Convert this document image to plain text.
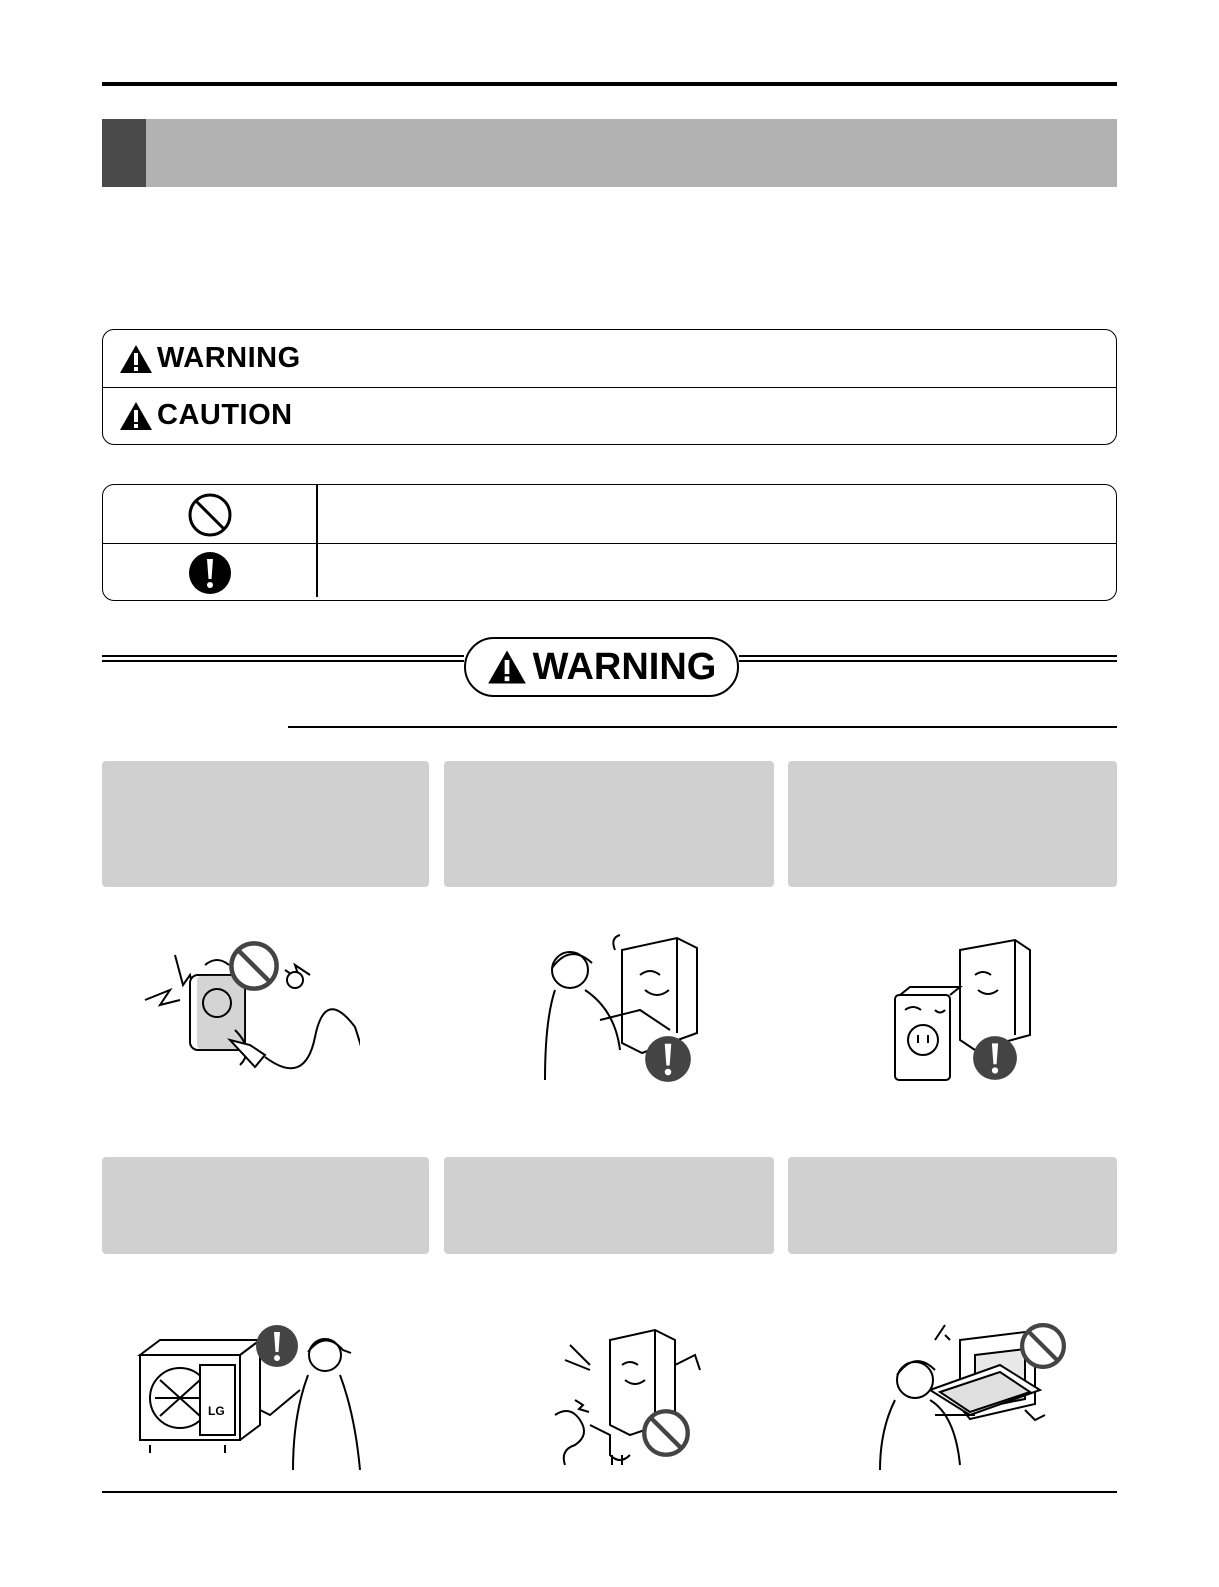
WARNING
CAUTION
WARNING
LG
